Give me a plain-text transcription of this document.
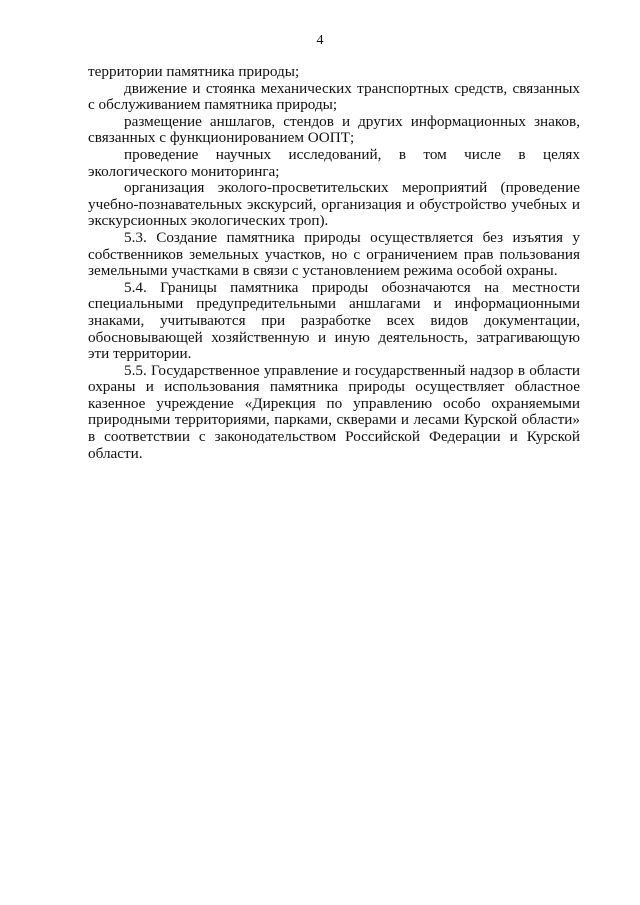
4

территории памятника природы;

движение и стоянка механических транспортных средств, связанных с обслуживанием памятника природы;

размещение аншлагов, стендов и других информационных знаков, связанных с функционированием ООПТ;

проведение научных исследований, в том числе в целях экологического мониторинга;

организация эколого-просветительских мероприятий (проведение учебно-познавательных экскурсий, организация и обустройство учебных и экскурсионных экологических троп).

5.3. Создание памятника природы осуществляется без изъятия у собственников земельных участков, но с ограничением прав пользования земельными участками в связи с установлением режима особой охраны.

5.4. Границы памятника природы обозначаются на местности специальными предупредительными аншлагами и информационными знаками, учитываются при разработке всех видов документации, обосновывающей хозяйственную и иную деятельность, затрагивающую эти территории.

5.5. Государственное управление и государственный надзор в области охраны и использования памятника природы осуществляет областное казенное учреждение «Дирекция по управлению особо охраняемыми природными территориями, парками, скверами и лесами Курской области» в соответствии с законодательством Российской Федерации и Курской области.
